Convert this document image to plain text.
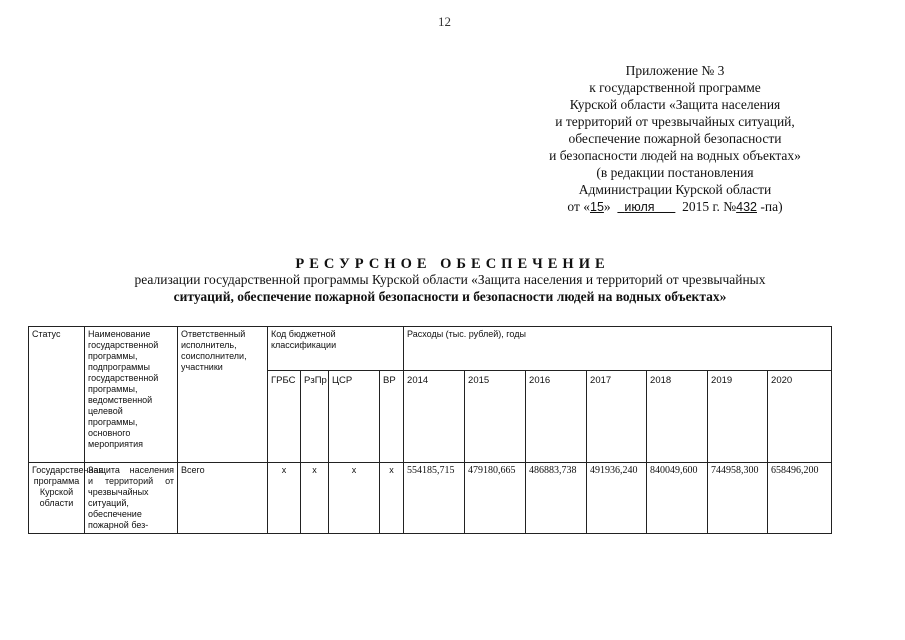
12
Приложение № 3
к государственной программе
Курской области «Защита населения
и территорий от чрезвычайных ситуаций,
обеспечение пожарной безопасности
и безопасности людей на водных объектах»
(в редакции постановления
Администрации Курской области
от «15» июля 2015 г. №432 -па)
РЕСУРСНОЕ ОБЕСПЕЧЕНИЕ
реализации государственной программы Курской области «Защита населения и территорий от чрезвычайных
ситуаций, обеспечение пожарной безопасности и безопасности людей на водных объектах»
Статус	Наименование государственной программы, подпрограммы государственной программы, ведомственной целевой программы, основного мероприятия	Ответственный исполнитель, соисполнители, участники	Код бюджетной классификации				Расходы (тыс. рублей), годы						
			ГРБС	РзПр	ЦСР	ВР	2014	2015	2016	2017	2018	2019	2020
Государственная программа Курской области	Защита населения и территорий от чрезвычайных ситуаций, обеспечение пожарной без-	Всего	х	х	х	х	554185,715	479180,665	486883,738	491936,240	840049,600	744958,300	658496,200
